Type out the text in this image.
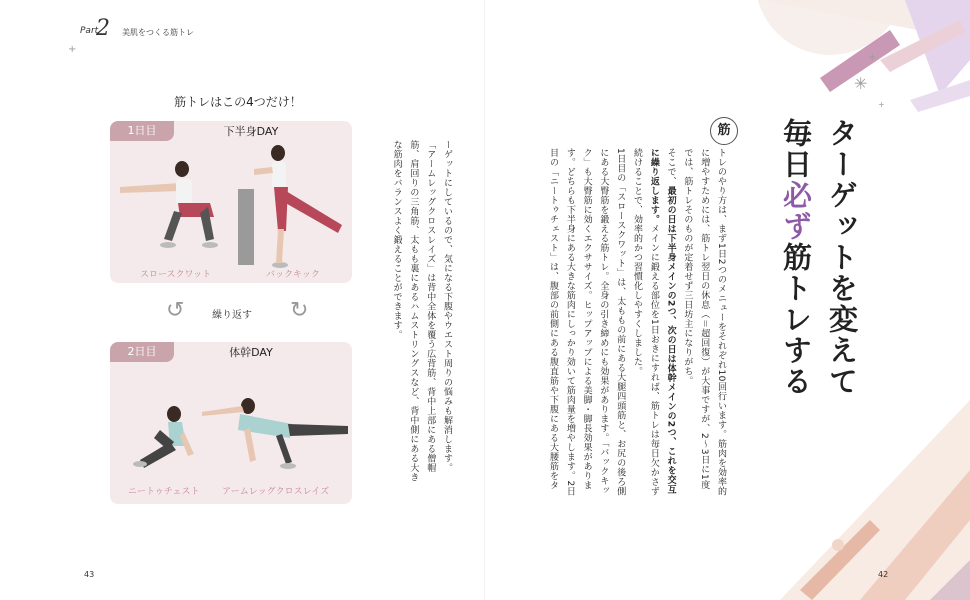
+
✳
+
+
Part
2 美肌をつくる筋トレ
ターゲットを変えて
毎日必ず筋トレする
筋
トレのやり方は、まず1日2つのメニューをそれぞれ10回行います。筋肉を効率的に増やすためには、筋トレ翌日の休息（＝超回復）が大事ですが、2〜3日に1度では、筋トレそのものが定着せず三日坊主になりがち。
そこで、最初の日は下半身メインの2つ、次の日は体幹メインの2つ、これを交互に繰り返します。メインに鍛える部位を1日おきにすれば、筋トレは毎日欠かさず続けることで、効率的かつ習慣化しやすくしました。
1日目の「スロースクワット」は、太ももの前にある大腿四頭筋と、お尻の後ろ側にある大臀筋を鍛える筋トレ。全身の引き締めにも効果があります。「バックキック」も大臀筋に効くエクササイズ。ヒップアップによる美脚・脚長効果がありま す。どちらも下半身にある大きな筋肉にしっかり効いて筋肉量を増やします。2日目の「ニートゥチェスト」は、腹部の前側にある腹直筋や下腹にある大腰筋をタ
ーゲットにしているので、気になる下腹やウエスト周りの悩みも解消します。「アームレッグクロスレイズ」は背中全体を覆う広背筋、背中上部にある僧帽筋、肩回りの三角筋、太もも裏にあるハムストリングスなど、背中側にある大きな筋肉をバランスよく鍛えることができます。
筋トレはこの4つだけ！
1日目	下半身DAY
スロースクワット	バックキック
↺	繰り返す ↻
2日目	体幹DAY
ニートゥチェスト アームレッグクロスレイズ
43	42
